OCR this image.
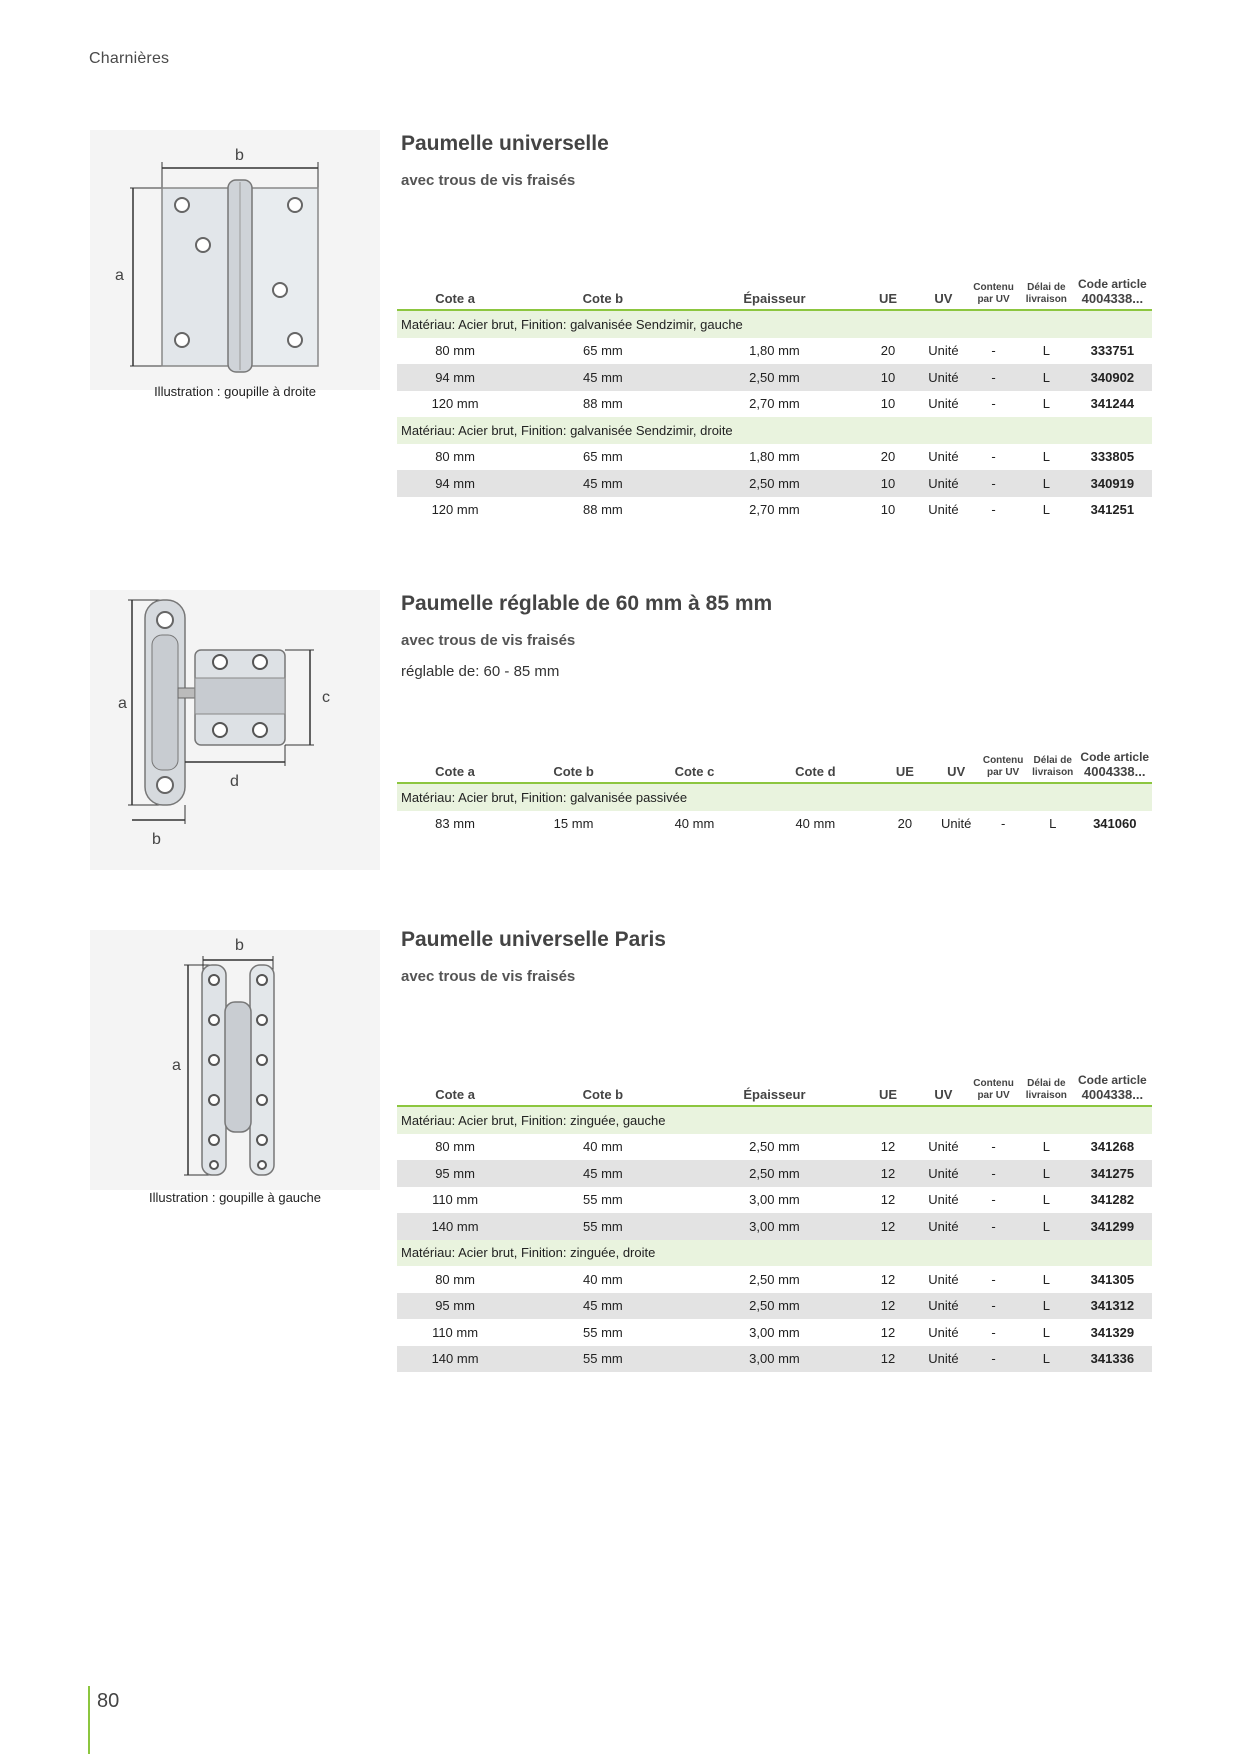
Charnières
b
a
Illustration : goupille à droite
Paumelle universelle
avec trous de vis fraisés
Cote a	Cote b	Épaisseur	UE	UV	Contenu
par UV	Délai de
livraison	Code article
4004338...
Matériau: Acier brut, Finition: galvanisée Sendzimir, gauche							
80 mm	65 mm	1,80 mm	20	Unité	-	L	333751
94 mm	45 mm	2,50 mm	10	Unité	-	L	340902
120 mm	88 mm	2,70 mm	10	Unité	-	L	341244
Matériau: Acier brut, Finition: galvanisée Sendzimir, droite							
80 mm	65 mm	1,80 mm	20	Unité	-	L	333805
94 mm	45 mm	2,50 mm	10	Unité	-	L	340919
120 mm	88 mm	2,70 mm	10	Unité	-	L	341251
a	c
d
b
Paumelle réglable de 60 mm à 85 mm
avec trous de vis fraisés
réglable de: 60 - 85 mm
Cote a	Cote b	Cote c	Cote d	UE	UV	Contenu
par UV	Délai de
livraison	Code article
4004338...
Matériau: Acier brut, Finition: galvanisée passivée								
83 mm	15 mm	40 mm	40 mm	20	Unité	-	L	341060
b
a
Illustration : goupille à gauche
Paumelle universelle Paris
avec trous de vis fraisés
Cote a	Cote b	Épaisseur	UE	UV	Contenu
par UV	Délai de
livraison	Code article
4004338...
Matériau: Acier brut, Finition: zinguée, gauche							
80 mm	40 mm	2,50 mm	12	Unité	-	L	341268
95 mm	45 mm	2,50 mm	12	Unité	-	L	341275
110 mm	55 mm	3,00 mm	12	Unité	-	L	341282
140 mm	55 mm	3,00 mm	12	Unité	-	L	341299
Matériau: Acier brut, Finition: zinguée, droite							
80 mm	40 mm	2,50 mm	12	Unité	-	L	341305
95 mm	45 mm	2,50 mm	12	Unité	-	L	341312
110 mm	55 mm	3,00 mm	12	Unité	-	L	341329
140 mm	55 mm	3,00 mm	12	Unité	-	L	341336
80
